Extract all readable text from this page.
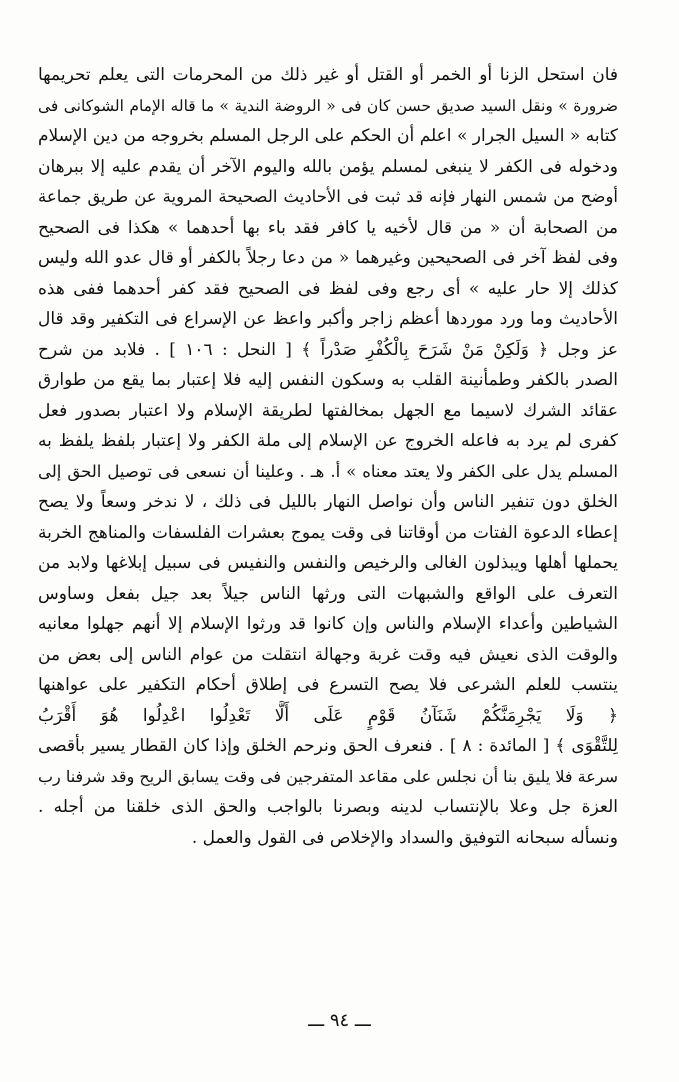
فان استحل الزنا أو الخمر أو القتل أو غير ذلك من المحرمات التى يعلم تحريمها
ضرورة » ونقل السيد صديق حسن كان فى « الروضة الندية » ما قاله الإمام الشوكانى فى
كتابه « السيل الجرار » اعلم أن الحكم على الرجل المسلم بخروجه من دين الإسلام
ودخوله فى الكفر لا ينبغى لمسلم يؤمن بالله واليوم الآخر أن يقدم عليه إلا ببرهان
أوضح من شمس النهار فإنه قد ثبت فى الأحاديث الصحيحة المروية عن طريق جماعة
من الصحابة أن « من قال لأخيه يا كافر فقد باء بها أحدهما » هكذا فى الصحيح
وفى لفظ آخر فى الصحيحين وغيرهما « من دعا رجلاً بالكفر أو قال عدو الله وليس
كذلك إلا حار عليه » أى رجع وفى لفظ فى الصحيح فقد كفر أحدهما ففى هذه
الأحاديث وما ورد موردها أعظم زاجر وأكبر واعظ عن الإسراع فى التكفير وقد قال
عز وجل ﴿ وَلَكِنْ مَنْ شَرَحَ بِالْكُفْرِ صَدْراً ﴾ [ النحل : ١٠٦ ] . فلابد من شرح
الصدر بالكفر وطمأنينة القلب به وسكون النفس إليه فلا إعتبار بما يقع من طوارق
عقائد الشرك لاسيما مع الجهل بمخالفتها لطريقة الإسلام ولا اعتبار بصدور فعل
كفرى لم يرد به فاعله الخروج عن الإسلام إلى ملة الكفر ولا إعتبار بلفظ يلفظ به
المسلم يدل على الكفر ولا يعتد معناه » أ. هـ . وعلينا أن نسعى فى توصيل الحق إلى
الخلق دون تنفير الناس وأن نواصل النهار بالليل فى ذلك ، لا ندخر وسعاً ولا يصح
إعطاء الدعوة الفتات من أوقاتنا فى وقت يموج بعشرات الفلسفات والمناهج الخربة
يحملها أهلها ويبذلون الغالى والرخيص والنفس والنفيس فى سبيل إبلاغها ولابد من
التعرف على الواقع والشبهات التى ورثها الناس جيلاً بعد جيل بفعل وساوس
الشياطين وأعداء الإسلام والناس وإن كانوا قد ورثوا الإسلام إلا أنهم جهلوا معانيه
والوقت الذى نعيش فيه وقت غربة وجهالة انتقلت من عوام الناس إلى بعض من
ينتسب للعلم الشرعى فلا يصح التسرع فى إطلاق أحكام التكفير على عواهنها
﴿ وَلَا يَجْرِمَنَّكُمْ شَنَآنُ قَوْمٍ عَلَى أَلَّا تَعْدِلُوا اعْدِلُوا هُوَ أَقْرَبُ
لِلتَّقْوَى ﴾ [ المائدة : ٨ ] . فنعرف الحق ونرحم الخلق وإذا كان القطار يسير بأقصى
سرعة فلا يليق بنا أن نجلس على مقاعد المتفرجين فى وقت يسابق الريح وقد شرفنا رب
العزة جل وعلا بالإنتساب لدينه وبصرنا بالواجب والحق الذى خلقنا من أجله .
ونسأله سبحانه التوفيق والسداد والإخلاص فى القول والعمل .
ـــ ٩٤ ـــ
